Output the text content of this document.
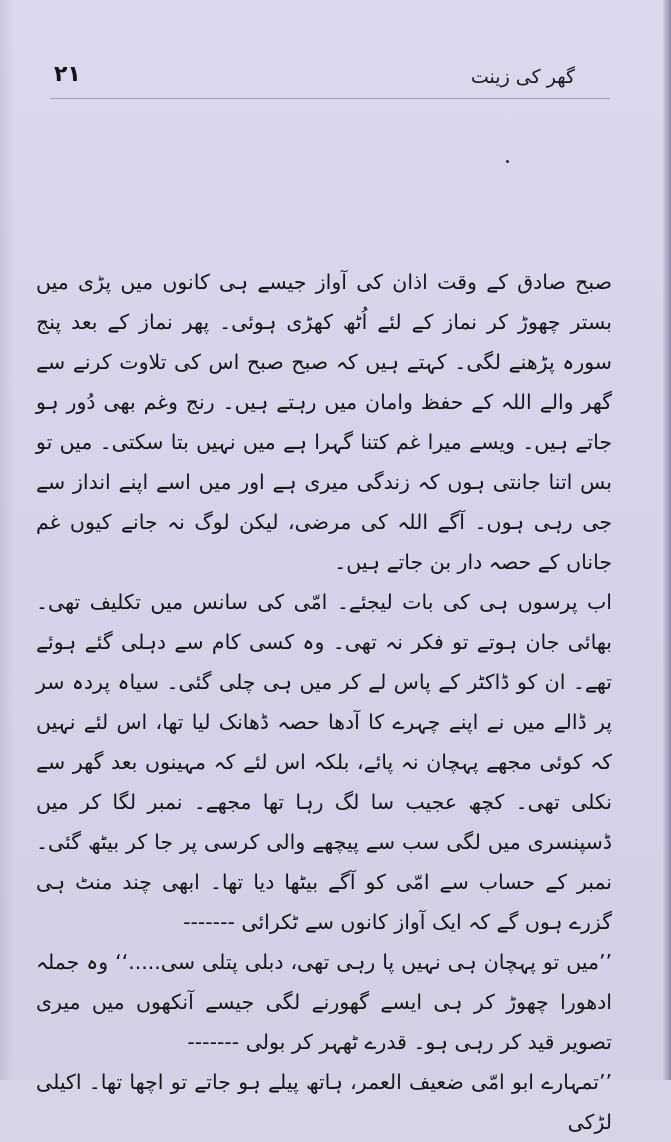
۲۱	گھر کی زینت

صبح صادق کے وقت اذان کی آواز جیسے ہی کانوں میں پڑی میں بستر چھوڑ کر نماز کے لئے اُٹھ کھڑی ہوئی۔ پھر نماز کے بعد پنج سورہ پڑھنے لگی۔ کہتے ہیں کہ صبح صبح اس کی تلاوت کرنے سے گھر والے اللہ کے حفظ وامان میں رہتے ہیں۔ رنج وغم بھی دُور ہو جاتے ہیں۔ ویسے میرا غم کتنا گہرا ہے میں نہیں بتا سکتی۔ میں تو بس اتنا جانتی ہوں کہ زندگی میری ہے اور میں اسے اپنے انداز سے جی رہی ہوں۔ آگے اللہ کی مرضی، لیکن لوگ نہ جانے کیوں غم جاناں کے حصہ دار بن جاتے ہیں۔

اب پرسوں ہی کی بات لیجئے۔ امّی کی سانس میں تکلیف تھی۔ بھائی جان ہوتے تو فکر نہ تھی۔ وہ کسی کام سے دہلی گئے ہوئے تھے۔ ان کو ڈاکٹر کے پاس لے کر میں ہی چلی گئی۔ سیاہ پردہ سر پر ڈالے میں نے اپنے چہرے کا آدھا حصہ ڈھانک لیا تھا، اس لئے نہیں کہ کوئی مجھے پہچان نہ پائے، بلکہ اس لئے کہ مہینوں بعد گھر سے نکلی تھی۔ کچھ عجیب سا لگ رہا تھا مجھے۔ نمبر لگا کر میں ڈسپنسری میں لگی سب سے پیچھے والی کرسی پر جا کر بیٹھ گئی۔ نمبر کے حساب سے امّی کو آگے بیٹھا دیا تھا۔ ابھی چند منٹ ہی گزرے ہوں گے کہ ایک آواز کانوں سے ٹکرائی -------

’’میں تو پہچان ہی نہیں پا رہی تھی، دبلی پتلی سی.....‘‘ وہ جملہ ادھورا چھوڑ کر ہی ایسے گھورنے لگی جیسے آنکھوں میں میری تصویر قید کر رہی ہو۔ قدرے ٹھہر کر بولی -------

’’تمہارے ابو امّی ضعیف العمر، ہاتھ پیلے ہو جاتے تو اچھا تھا۔ اکیلی لڑکی
